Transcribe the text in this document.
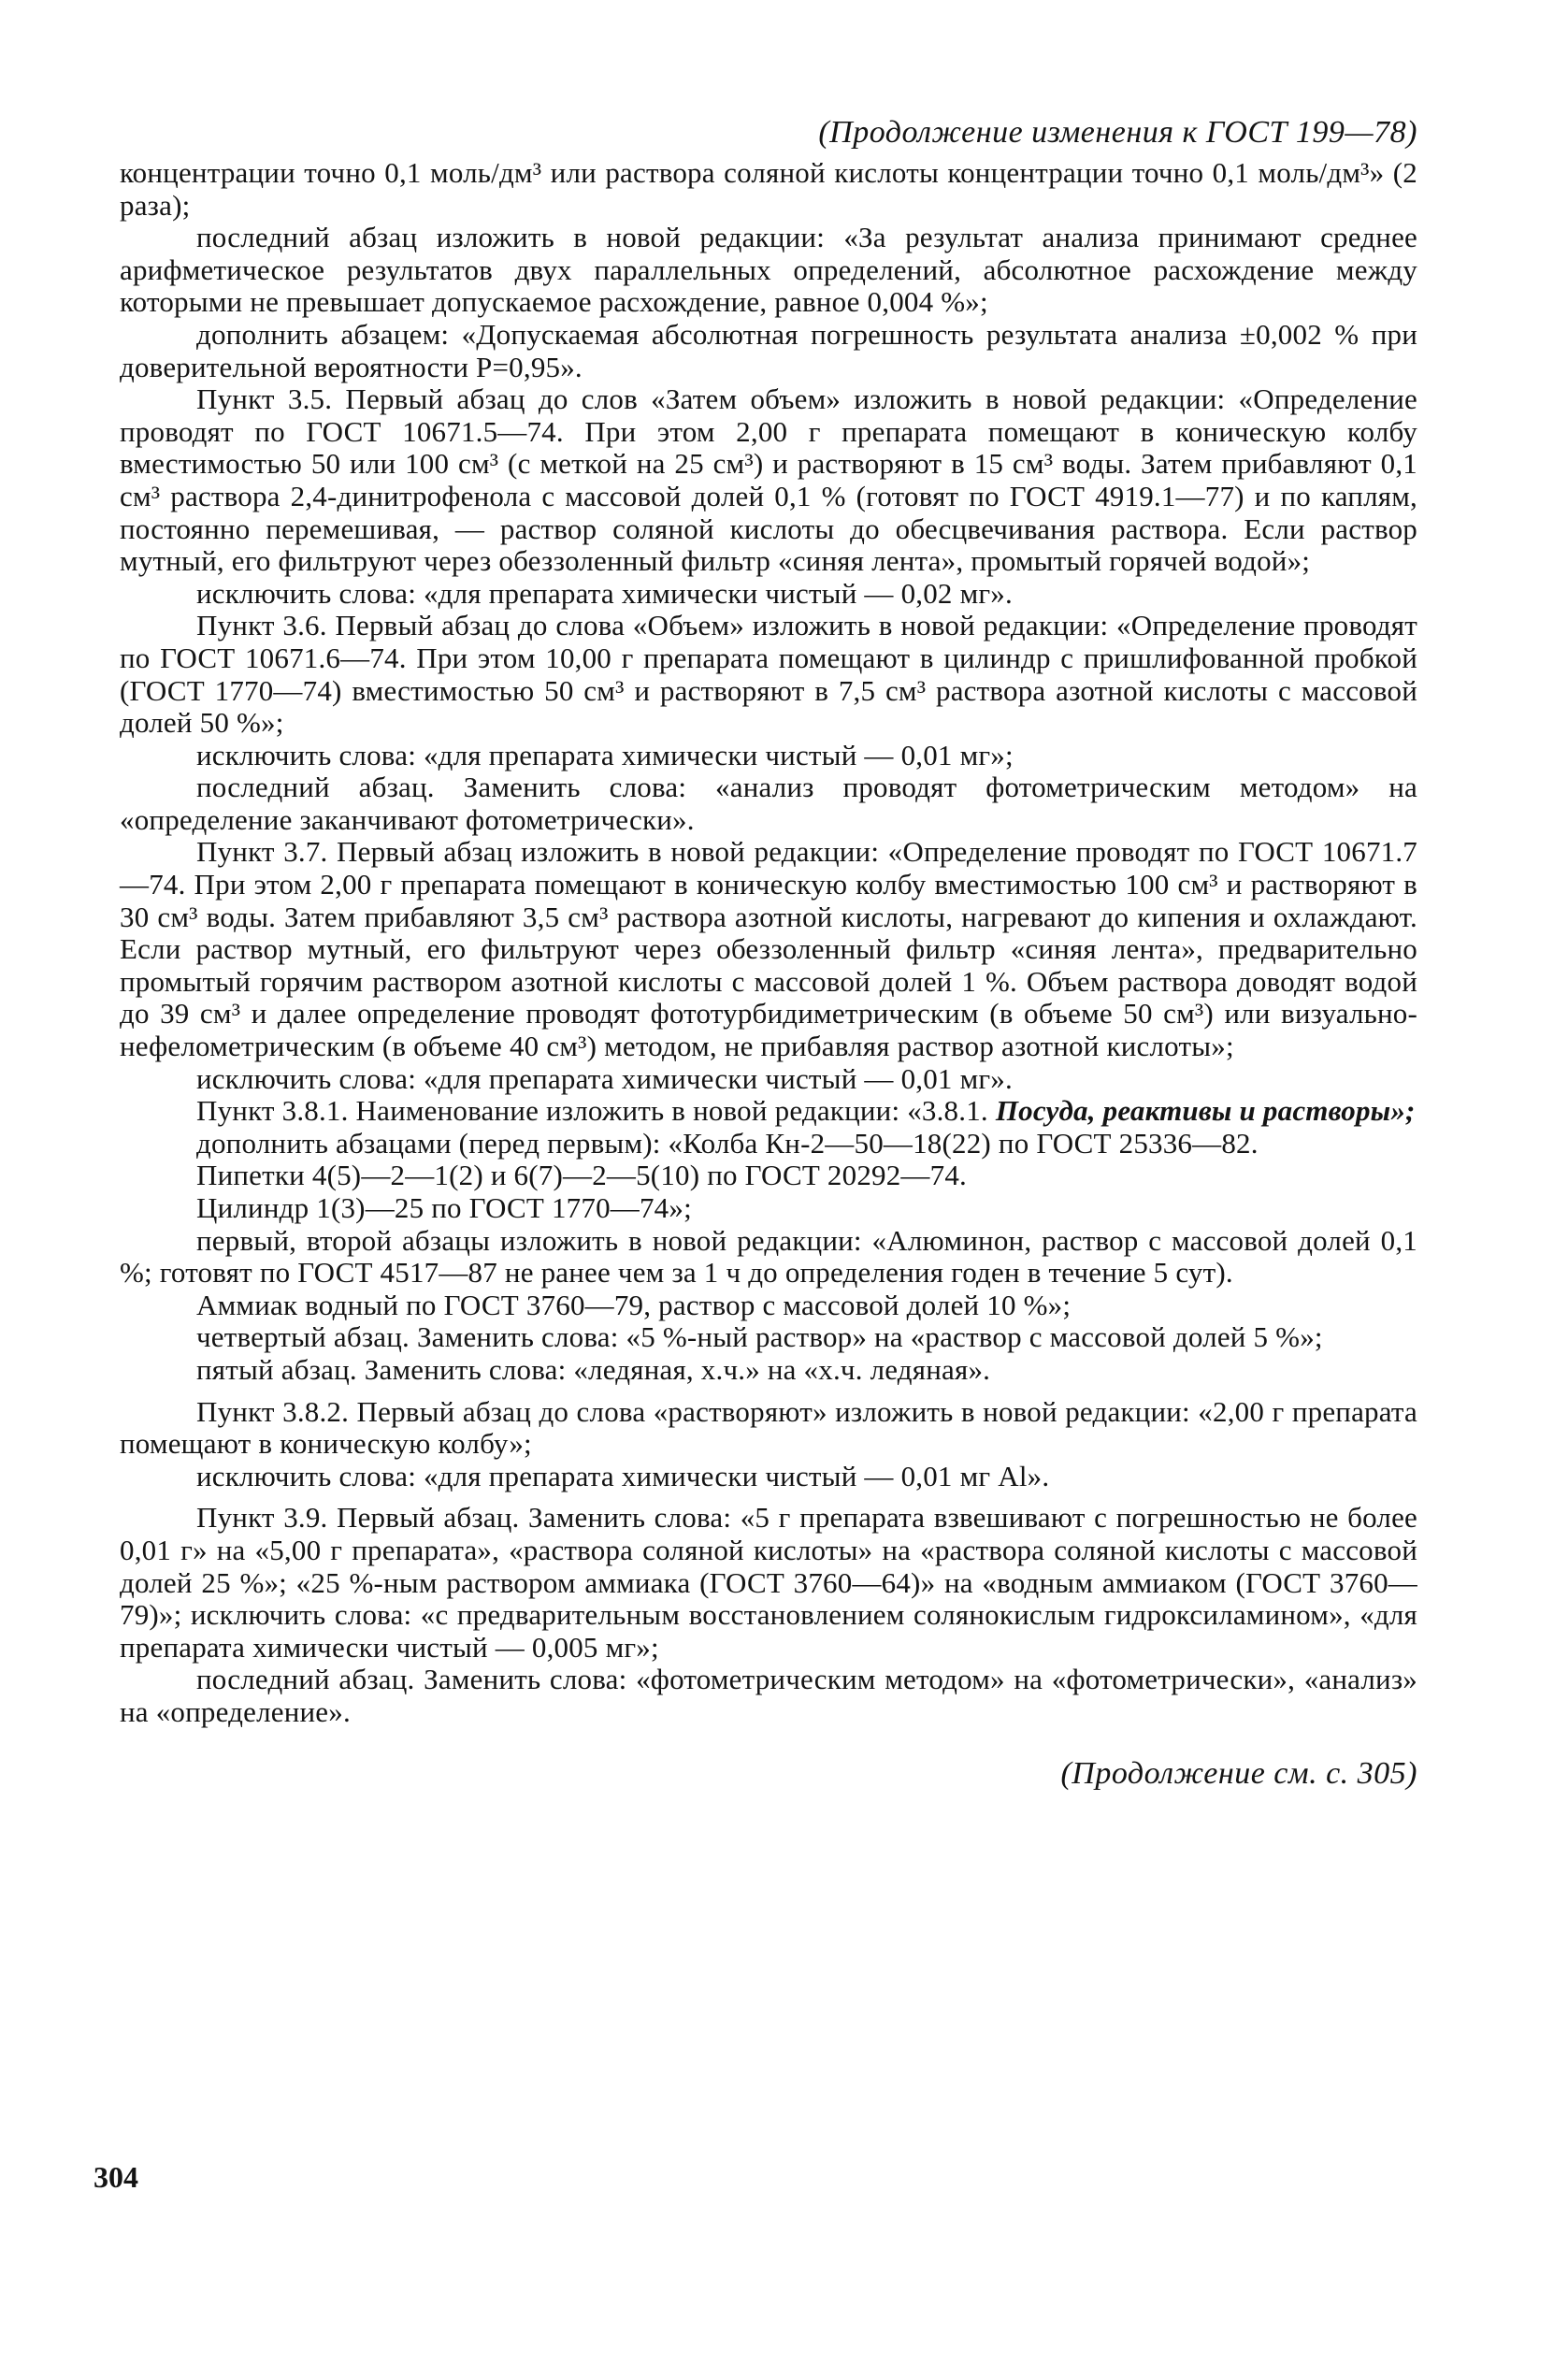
(Продолжение изменения к ГОСТ 199—78)

концентрации точно 0,1 моль/дм³ или раствора соляной кислоты концентрации точно 0,1 моль/дм³» (2 раза);

последний абзац изложить в новой редакции: «За результат анализа принимают среднее арифметическое результатов двух параллельных определений, абсолютное расхождение между которыми не превышает допускаемое расхождение, равное 0,004 %»;

дополнить абзацем: «Допускаемая абсолютная погрешность результата анализа ±0,002 % при доверительной вероятности P=0,95».

Пункт 3.5. Первый абзац до слов «Затем объем» изложить в новой редакции: «Определение проводят по ГОСТ 10671.5—74. При этом 2,00 г препарата помещают в коническую колбу вместимостью 50 или 100 см³ (с меткой на 25 см³) и растворяют в 15 см³ воды. Затем прибавляют 0,1 см³ раствора 2,4-динитрофенола с массовой долей 0,1 % (готовят по ГОСТ 4919.1—77) и по каплям, постоянно перемешивая, — раствор соляной кислоты до обесцвечивания раствора. Если раствор мутный, его фильтруют через обеззоленный фильтр «синяя лента», промытый горячей водой»;

исключить слова: «для препарата химически чистый — 0,02 мг».

Пункт 3.6. Первый абзац до слова «Объем» изложить в новой редакции: «Определение проводят по ГОСТ 10671.6—74. При этом 10,00 г препарата помещают в цилиндр с пришлифованной пробкой (ГОСТ 1770—74) вместимостью 50 см³ и растворяют в 7,5 см³ раствора азотной кислоты с массовой долей 50 %»;

исключить слова: «для препарата химически чистый — 0,01 мг»;

последний абзац. Заменить слова: «анализ проводят фотометрическим методом» на «определение заканчивают фотометрически».

Пункт 3.7. Первый абзац изложить в новой редакции: «Определение проводят по ГОСТ 10671.7—74. При этом 2,00 г препарата помещают в коническую колбу вместимостью 100 см³ и растворяют в 30 см³ воды. Затем прибавляют 3,5 см³ раствора азотной кислоты, нагревают до кипения и охлаждают. Если раствор мутный, его фильтруют через обеззоленный фильтр «синяя лента», предварительно промытый горячим раствором азотной кислоты с массовой долей 1 %. Объем раствора доводят водой до 39 см³ и далее определение проводят фототурбидиметрическим (в объеме 50 см³) или визуально-нефелометрическим (в объеме 40 см³) методом, не прибавляя раствор азотной кислоты»;

исключить слова: «для препарата химически чистый — 0,01 мг».

Пункт 3.8.1. Наименование изложить в новой редакции: «3.8.1. Посуда, реактивы и растворы»;

дополнить абзацами (перед первым): «Колба Кн-2—50—18(22) по ГОСТ 25336—82.

Пипетки 4(5)—2—1(2) и 6(7)—2—5(10) по ГОСТ 20292—74.

Цилиндр 1(3)—25 по ГОСТ 1770—74»;

первый, второй абзацы изложить в новой редакции: «Алюминон, раствор с массовой долей 0,1 %; готовят по ГОСТ 4517—87 не ранее чем за 1 ч до определения годен в течение 5 сут).

Аммиак водный по ГОСТ 3760—79, раствор с массовой долей 10 %»;

четвертый абзац. Заменить слова: «5 %-ный раствор» на «раствор с массовой долей 5 %»;

пятый абзац. Заменить слова: «ледяная, х.ч.» на «х.ч. ледяная».

Пункт 3.8.2. Первый абзац до слова «растворяют» изложить в новой редакции: «2,00 г препарата помещают в коническую колбу»;

исключить слова: «для препарата химически чистый — 0,01 мг Al».

Пункт 3.9. Первый абзац. Заменить слова: «5 г препарата взвешивают с погрешностью не более 0,01 г» на «5,00 г препарата», «раствора соляной кислоты» на «раствора соляной кислоты с массовой долей 25 %»; «25 %-ным раствором аммиака (ГОСТ 3760—64)» на «водным аммиаком (ГОСТ 3760—79)»; исключить слова: «с предварительным восстановлением солянокислым гидроксиламином», «для препарата химически чистый — 0,005 мг»;

последний абзац. Заменить слова: «фотометрическим методом» на «фотометрически», «анализ» на «определение».

(Продолжение см. с. 305)
304
